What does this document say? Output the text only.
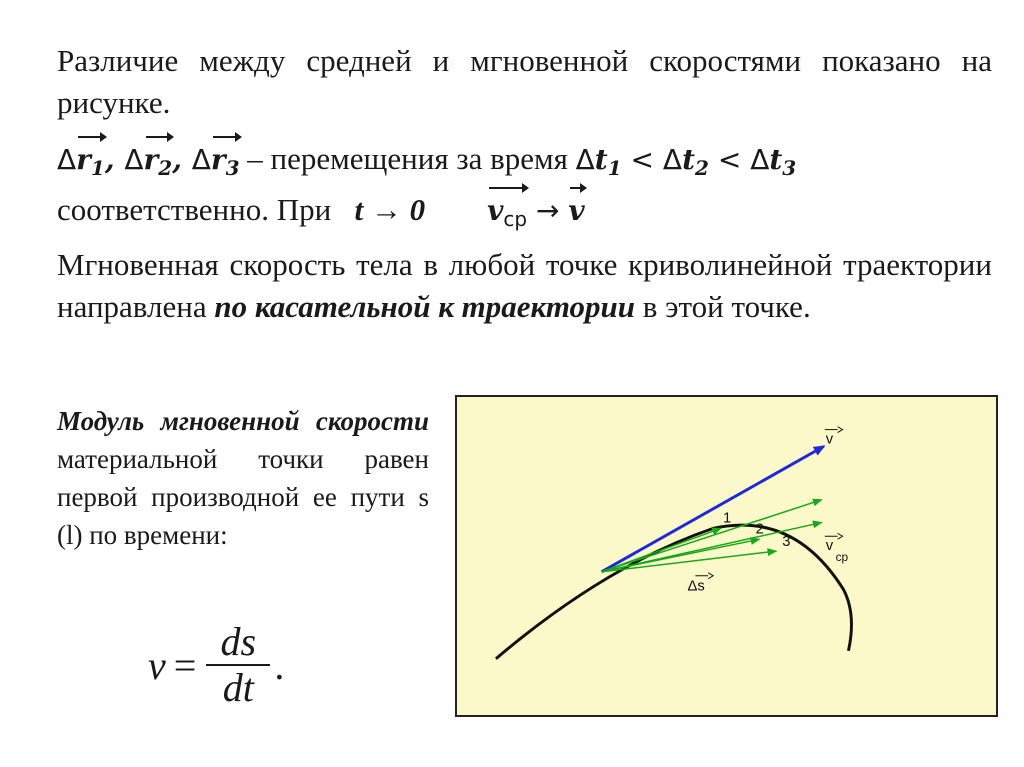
Различие между средней и мгновенной скоростями показано на рисунке.
$\Delta r_1$, $\Delta r_2$, $\Delta r_3$ – перемещения за время $\Delta t_1 < \Delta t_2 < \Delta t_3$
соответственно. При   t → 0 $v_{ср} \to v$
Мгновенная скорость тела в любой точке криволинейной траектории направлена по касательной к траектории в этой точке.
Модуль мгновенной скорости материальной точки равен первой производной ее пути s (l) по времени:
$v = \frac{ds}{dt}$ .
v
v
cp
Δs
1
2
3
